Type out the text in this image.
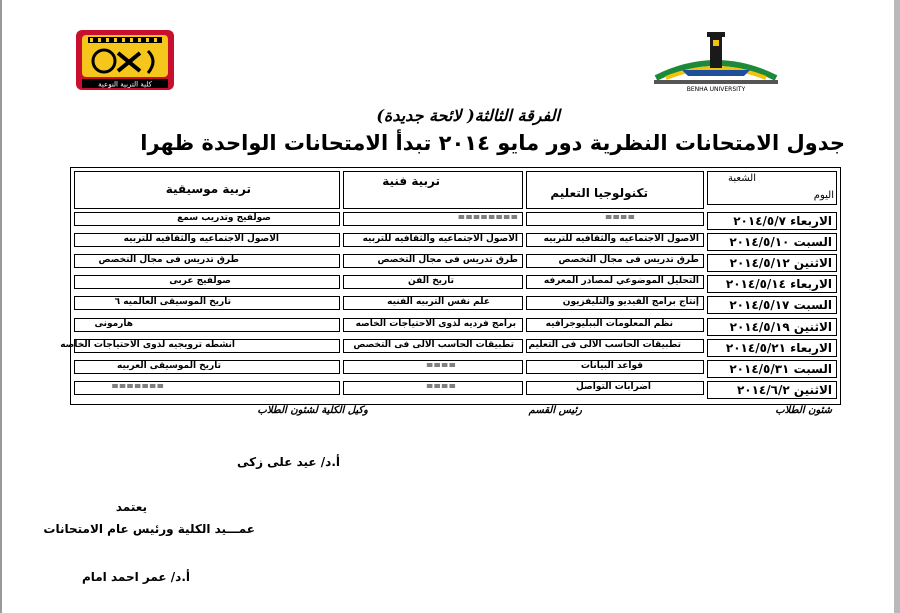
كلية التربية النوعية
BENHA UNIVERSITY
الفرقة الثالثة( لائحة جديدة)
جدول الامتحانات النظرية دور مايو ٢٠١٤ تبدأ الامتحانات الواحدة ظهرا
الشعبة
اليوم
تكنولوجيا التعليم
تربية فنية
تربية موسيقية
الاربعاء ٢٠١٤/٥/٧
السبت ٢٠١٤/٥/١٠
الاثنين ٢٠١٤/٥/١٢
الاربعاء ٢٠١٤/٥/١٤
السبت ٢٠١٤/٥/١٧
الاثنين ٢٠١٤/٥/١٩
الاربعاء ٢٠١٤/٥/٢١
السبت ٢٠١٤/٥/٣١
الاثنين ٢٠١٤/٦/٢
====
الاصول الاجتماعيه والثقافيه للتربيه
طرق تدريس فى مجال التخصص
التحليل الموضوعي لمصادر المعرفه
إنتاج برامج الفيديو والتليفزيون
نظم المعلومات الببليوجرافيه
تطبيقات الحاسب الالى فى التعليم
قواعد البيانات
اضرابات التواصل
========
الاصول الاجتماعيه والثقافيه للتربيه
طرق تدريس فى مجال التخصص
تاريخ الفن
علم نفس التربيه الفنيه
برامج فرديه لذوى الاحتياجات الخاصه
تطبيقات الحاسب الالى فى التخصص
====
====
صولفيج وتدريب سمع
الاصول الاجتماعيه والثقافيه للتربيه
طرق تدريس فى مجال التخصص
صولفيج عربى
تاريخ الموسيقى العالميه ٦
هارمونى
انشطه ترويجيه لذوى الاحتياجات الخاصه
تاريخ الموسيقى العربيه
=======
شئون الطلاب
رئيس القسم
وكيل الكلية لشئون الطلاب
أ.د/ عيد على زكى
يعتمد
عمـــيد الكلية ورئيس عام الامتحانات
أ.د/ عمر احمد امام
